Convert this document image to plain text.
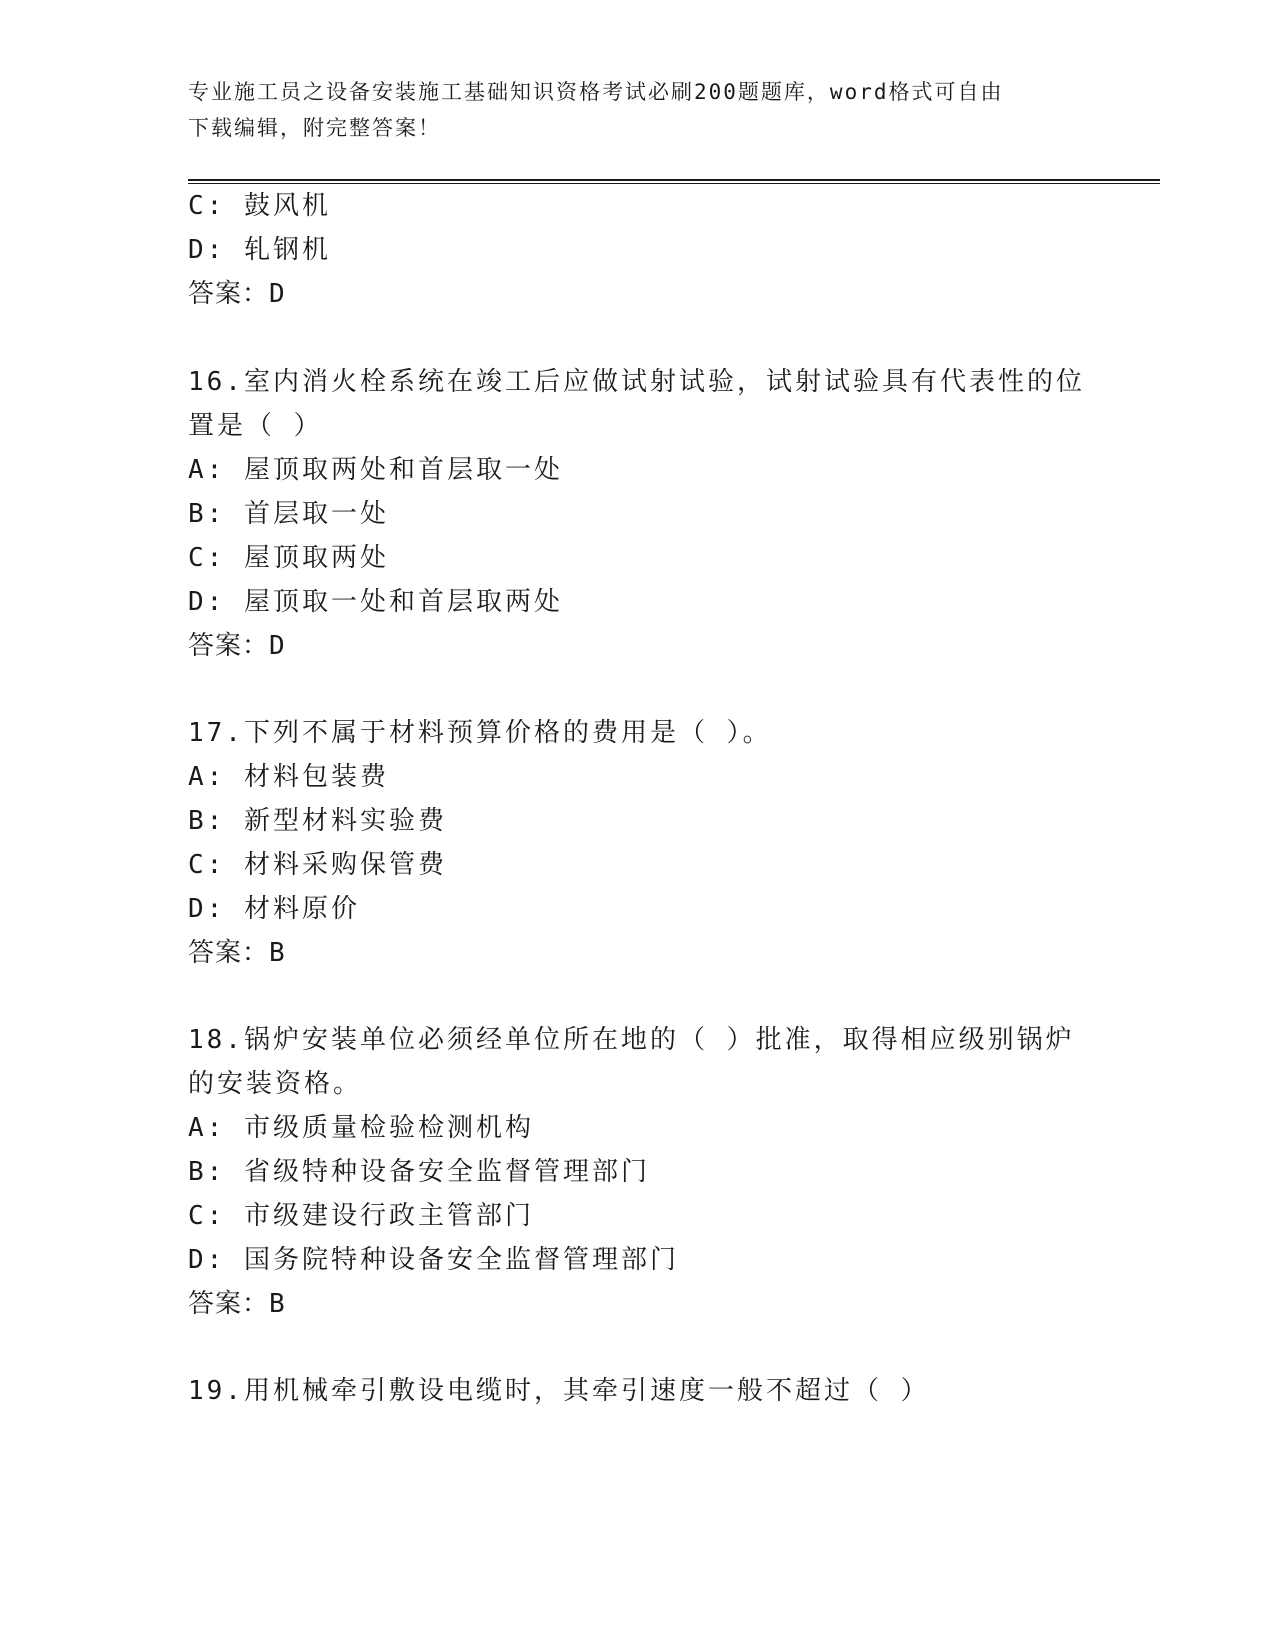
专业施工员之设备安装施工基础知识资格考试必刷200题题库，word格式可自由
下载编辑，附完整答案！
C: 鼓风机
D: 轧钢机
答案：D
16.室内消火栓系统在竣工后应做试射试验，试射试验具有代表性的位
置是（ ）
A: 屋顶取两处和首层取一处
B: 首层取一处
C: 屋顶取两处
D: 屋顶取一处和首层取两处
答案：D
17.下列不属于材料预算价格的费用是（ ）。
A: 材料包装费
B: 新型材料实验费
C: 材料采购保管费
D: 材料原价
答案：B
18.锅炉安装单位必须经单位所在地的（ ）批准，取得相应级别锅炉
的安装资格。
A: 市级质量检验检测机构
B: 省级特种设备安全监督管理部门
C: 市级建设行政主管部门
D: 国务院特种设备安全监督管理部门
答案：B
19.用机械牵引敷设电缆时，其牵引速度一般不超过（ ）
